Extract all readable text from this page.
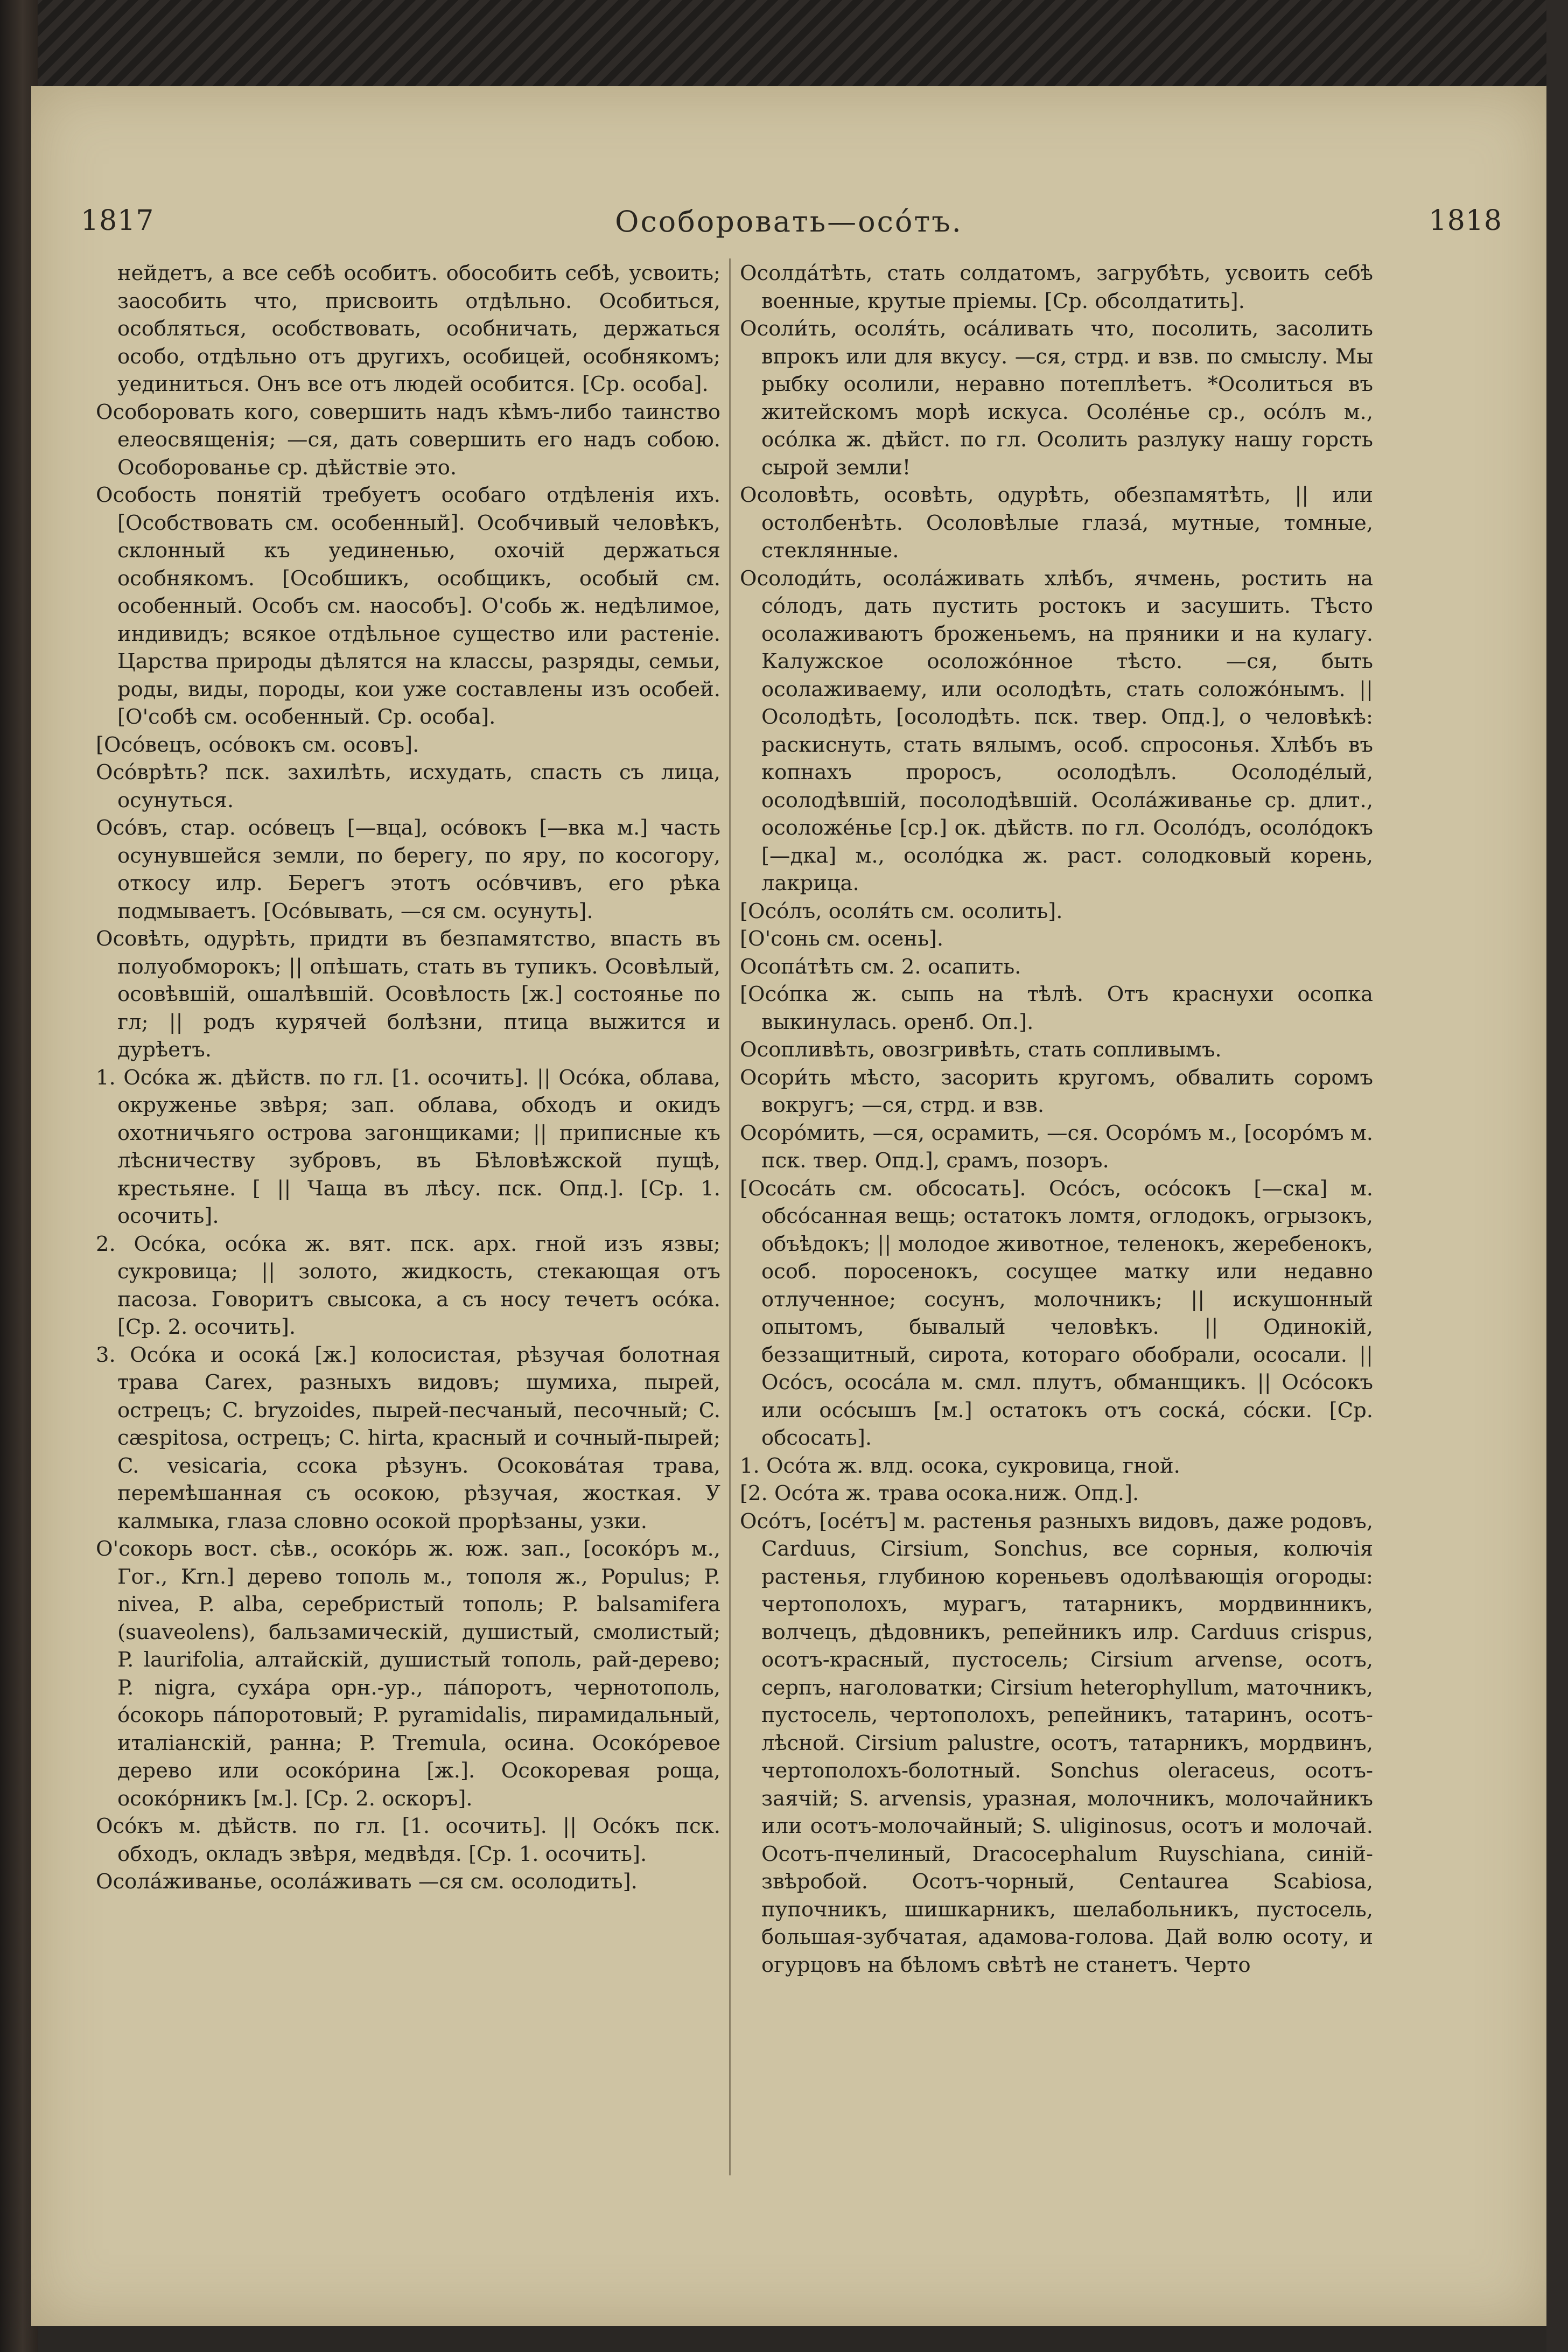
1817	Особоровать—осо́тъ.	1818

нейдетъ, а все себѣ особитъ. обособить себѣ, усвоить; заособить что, присвоить отдѣльно. Особиться, особляться, особствовать, особничать, держаться особо, отдѣльно отъ другихъ, особицей, особнякомъ; уединиться. Онъ все отъ людей особится. [Ср. особа].

Особоровать кого, совершить надъ кѣмъ-либо таинство елеосвященія; —ся, дать совершить его надъ собою. Особорованье ср. дѣйствіе это.

Особость понятій требуетъ особаго отдѣленія ихъ. [Особствовать см. особенный]. Особчивый человѣкъ, склонный къ уединенью, охочій держаться особнякомъ. [Особшикъ, особщикъ, особый см. особенный. Особъ см. наособъ]. О'собь ж. недѣлимое, индивидъ; всякое отдѣльное существо или растеніе. Царства природы дѣлятся на классы, разряды, семьи, роды, виды, породы, кои уже составлены изъ особей. [О'собѣ см. особенный. Ср. особа].

[Осо́вецъ, осо́вокъ см. осовъ].

Осо́врѣть? пск. захилѣть, исхудать, спасть съ лица, осунуться.

Осо́въ, стар. осо́вецъ [—вца], осо́вокъ [—вка м.] часть осунувшейся земли, по берегу, по яру, по косогору, откосу илр. Берегъ этотъ осо́вчивъ, его рѣка подмываетъ. [Осо́вывать, —ся см. осунуть].

Осовѣть, одурѣть, придти въ безпамятство, впасть въ полуобморокъ; || опѣшать, стать въ тупикъ. Осовѣлый, осовѣвшій, ошалѣвшій. Осовѣлость [ж.] состоянье по гл; || родъ курячей болѣзни, птица выжится и дурѣетъ.

1. Осо́ка ж. дѣйств. по гл. [1. осочить]. || Осо́ка, облава, окруженье звѣря; зап. облава, обходъ и окидъ охотничьяго острова загонщиками; || приписные къ лѣсничеству зубровъ, въ Бѣловѣжской пущѣ, крестьяне. [ || Чаща въ лѣсу. пск. Опд.]. [Ср. 1. осочить].

2. Осо́ка, осо́ка ж. вят. пск. арх. гной изъ язвы; сукровица; || золото, жидкость, стекающая отъ пасоза. Говоритъ свысока, а съ носу течетъ осо́ка. [Ср. 2. осочить].

3. Осо́ка и осока́ [ж.] колосистая, рѣзучая болотная трава Carex, разныхъ видовъ; шумиха, пырей, острецъ; C. bryzoides, пырей-песчаный, песочный; C. cæspitosa, острецъ; C. hirta, красный и сочный-пырей; C. vesicaria, ссока рѣзунъ. Осокова́тая трава, перемѣшанная съ осокою, рѣзучая, жосткая. У калмыка, глаза словно осокой прорѣзаны, узки.

О'сокорь вост. сѣв., осоко́рь ж. юж. зап., [осоко́ръ м., Гог., Krn.] дерево тополь м., тополя ж., Populus; P. nivea, P. alba, серебристый тополь; P. balsamifera (suaveolens), бальзамическій, душистый, смолистый; P. laurifolia, алтайскій, душистый тополь, рай-дерево; P. nigra, суха́ра орн.-ур., па́поротъ, чернотополь, о́сокорь па́поротовый; P. pyramidalis, пирамидальный, италіанскій, ранна; P. Tremula, осина. Осоко́ревое дерево или осоко́рина [ж.]. Осокоревая роща, осоко́рникъ [м.]. [Ср. 2. оскоръ].

Осо́къ м. дѣйств. по гл. [1. осочить]. || Осо́къ пск. обходъ, окладъ звѣря, медвѣдя. [Ср. 1. осочить].

Осола́живанье, осола́живать —ся см. осолодить].

Осолда́тѣть, стать солдатомъ, загрубѣть, усвоить себѣ военные, крутые пріемы. [Ср. обсолдатить].

Осоли́ть, осоля́ть, оса́ливать что, посолить, засолить впрокъ или для вкусу. —ся, стрд. и взв. по смыслу. Мы рыбку осолили, неравно потеплѣетъ. *Осолиться въ житейскомъ морѣ искуса. Осоле́нье ср., осо́лъ м., осо́лка ж. дѣйст. по гл. Осолить разлуку нашу горсть сырой земли!

Осоловѣть, осовѣть, одурѣть, обезпамятѣть, || или остолбенѣть. Осоловѣлые глаза́, мутные, томные, стеклянные.

Осолоди́ть, осола́живать хлѣбъ, ячмень, ростить на со́лодъ, дать пустить ростокъ и засушить. Тѣсто осолаживаютъ броженьемъ, на пряники и на кулагу. Калужское осоложо́нное тѣсто. —ся, быть осолаживаему, или осолодѣть, стать соложо́нымъ. || Осолодѣть, [осолодѣть. пск. твер. Опд.], о человѣкѣ: раскиснуть, стать вялымъ, особ. спросонья. Хлѣбъ въ копнахъ проросъ, осолодѣлъ. Осолоде́лый, осолодѣвшій, посолодѣвшій. Осола́живанье ср. длит., осоложе́нье [ср.] ок. дѣйств. по гл. Осоло́дъ, осоло́докъ [—дка] м., осоло́дка ж. раст. солодковый корень, лакрица.

[Осо́лъ, осоля́ть см. осолить].

[О'сонь см. осень].

Осопа́тѣть см. 2. осапить.

[Осо́пка ж. сыпь на тѣлѣ. Отъ краснухи осопка выкинулась. оренб. Оп.].

Осопливѣть, овозгривѣть, стать сопливымъ.

Осори́ть мѣсто, засорить кругомъ, обвалить соромъ вокругъ; —ся, стрд. и взв.

Осоро́мить, —ся, осрамить, —ся. Осоро́мъ м., [осоро́мъ м. пск. твер. Опд.], срамъ, позоръ.

[Ососа́ть см. обсосать]. Осо́съ, осо́сокъ [—ска] м. обсо́санная вещь; остатокъ ломтя, оглодокъ, огрызокъ, объѣдокъ; || молодое животное, теленокъ, жеребенокъ, особ. поросенокъ, сосущее матку или недавно отлученное; сосунъ, молочникъ; || искушонный опытомъ, бывалый человѣкъ. || Одинокій, беззащитный, сирота, котораго обобрали, ососали. || Осо́съ, ососа́ла м. смл. плутъ, обманщикъ. || Осо́сокъ или осо́сышъ [м.] остатокъ отъ соска́, со́ски. [Ср. обсосать].

1. Осо́та ж. влд. осока, сукровица, гной.

[2. Осо́та ж. трава осока.ниж. Опд.].

Осо́тъ, [осе́тъ] м. растенья разныхъ видовъ, даже родовъ, Carduus, Cirsium, Sonchus, все сорныя, колючія растенья, глубиною кореньевъ одолѣвающія огороды: чертополохъ, мурагъ, татарникъ, мордвинникъ, волчецъ, дѣдовникъ, репейникъ илр. Carduus crispus, осотъ-красный, пустосель; Cirsium arvense, осотъ, серпъ, наголоватки; Cirsium heterophyllum, маточникъ, пустосель, чертополохъ, репейникъ, татаринъ, осотъ-лѣсной. Cirsium palustre, осотъ, татарникъ, мордвинъ, чертополохъ-болотный. Sonchus oleraceus, осотъ-заячій; S. arvensis, уразная, молочникъ, молочайникъ или осотъ-молочайный; S. uliginosus, осотъ и молочай. Осотъ-пчелиный, Dracocephalum Ruyschiana, синій-звѣробой. Осотъ-чорный, Centaurea Scabiosa, пупочникъ, шишкарникъ, шелабольникъ, пустосель, большая-зубчатая, адамова-голова. Дай волю осоту, и огурцовъ на бѣломъ свѣтѣ не станетъ. Черто
